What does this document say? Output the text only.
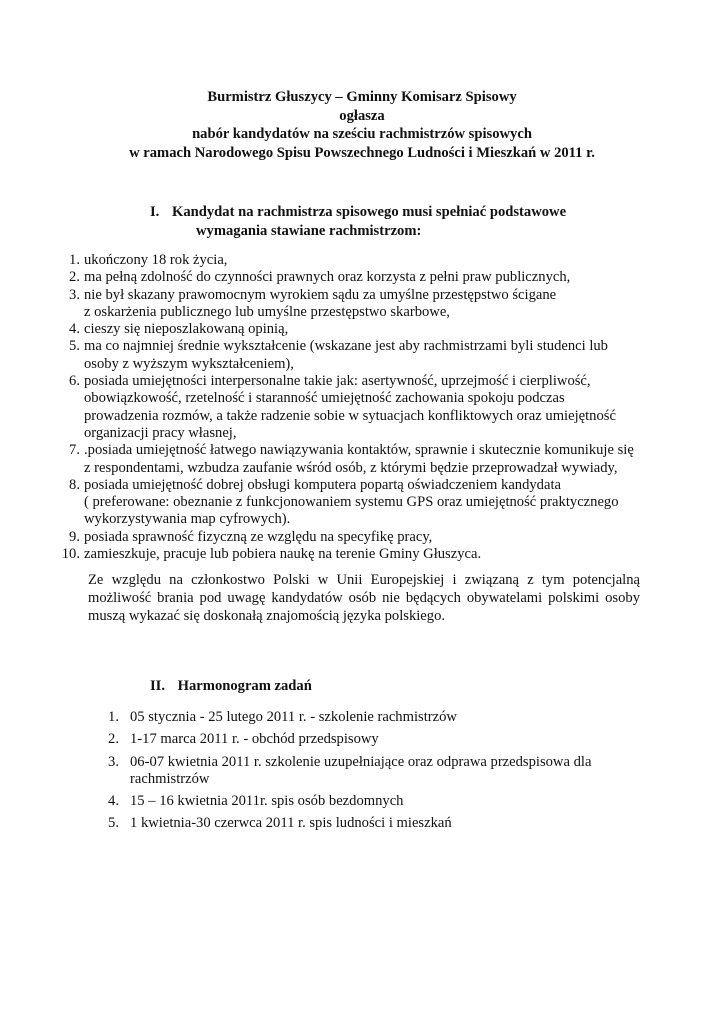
Burmistrz Głuszycy – Gminny Komisarz Spisowy
ogłasza
nabór kandydatów na sześciu rachmistrzów spisowych
w ramach Narodowego Spisu Powszechnego Ludności i Mieszkań w 2011 r.
I. Kandydat na rachmistrza spisowego musi spełniać podstawowe
wymagania stawiane rachmistrzom:
1. ukończony 18 rok życia,
2. ma pełną zdolność do czynności prawnych oraz korzysta z pełni praw publicznych,
3. nie był skazany prawomocnym wyrokiem sądu za umyślne przestępstwo ścigane
z oskarżenia publicznego lub umyślne przestępstwo skarbowe,
4. cieszy się nieposzlakowaną opinią,
5. ma co najmniej średnie wykształcenie (wskazane jest aby rachmistrzami byli studenci lub
osoby z wyższym wykształceniem),
6. posiada umiejętności interpersonalne takie jak: asertywność, uprzejmość i cierpliwość,
obowiązkowość, rzetelność i staranność umiejętność zachowania spokoju podczas
prowadzenia rozmów, a także radzenie sobie w sytuacjach konfliktowych oraz umiejętność
organizacji pracy własnej,
7. .posiada umiejętność łatwego nawiązywania kontaktów, sprawnie i skutecznie komunikuje się
z respondentami, wzbudza zaufanie wśród osób, z którymi będzie przeprowadzał wywiady,
8. posiada umiejętność dobrej obsługi komputera popartą oświadczeniem kandydata
( preferowane: obeznanie z funkcjonowaniem systemu GPS oraz umiejętność praktycznego
wykorzystywania map cyfrowych).
9. posiada sprawność fizyczną ze względu na specyfikę pracy,
10. zamieszkuje, pracuje lub pobiera naukę na terenie Gminy Głuszyca.
Ze względu na członkostwo Polski w Unii Europejskiej i związaną z tym potencjalną możliwość brania pod uwagę kandydatów osób nie będących obywatelami polskimi osoby muszą wykazać się doskonałą znajomością języka polskiego.
II. Harmonogram zadań
1. 05 stycznia - 25 lutego 2011 r. - szkolenie rachmistrzów
2. 1-17 marca 2011 r. - obchód przedspisowy
3. 06-07 kwietnia 2011 r. szkolenie uzupełniające oraz odprawa przedspisowa dla
rachmistrzów
4. 15 – 16 kwietnia 2011r. spis osób bezdomnych
5. 1 kwietnia-30 czerwca 2011 r. spis ludności i mieszkań
